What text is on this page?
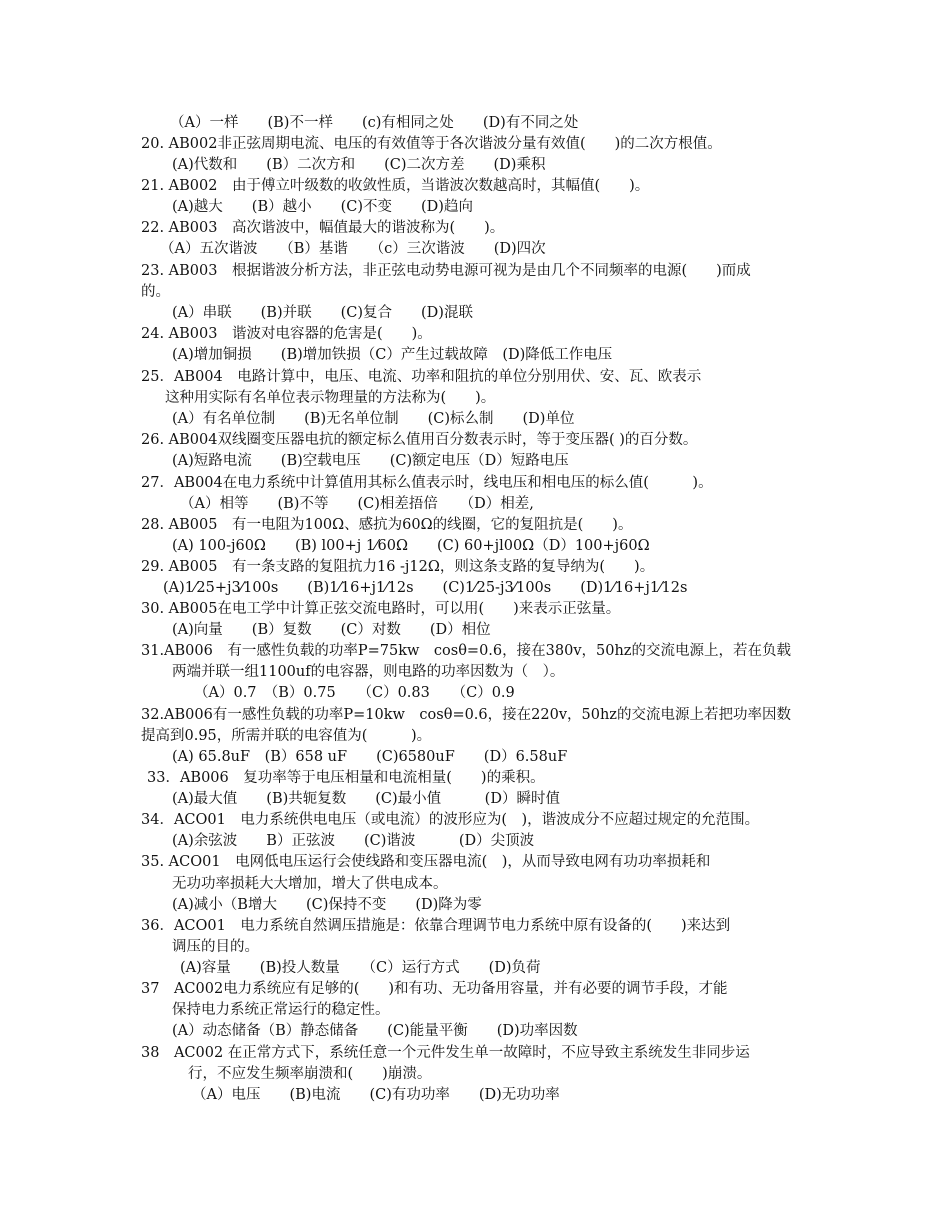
（A）一样　　(B)不一样　　(c)有相同之处　　(D)有不同之处
20. AB002非正弦周期电流、电压的有效值等于各次谐波分量有效值(　　)的二次方根值。
(A)代数和　　(B）二次方和　　(C)二次方差　　(D)乘积
21. AB002　由于傅立叶级数的收敛性质，当谐波次数越高时，其幅值(　　)。
(A)越大　　(B）越小　　(C)不变　　(D)趋向
22. AB003　高次谐波中，幅值最大的谐波称为(　　)。
（A）五次谐波　　（B）基谐　　（c）三次谐波　　(D)四次
23. AB003　根据谐波分析方法，非正弦电动势电源可视为是由几个不同频率的电源(　　)而成
的。
(A）串联　　(B)并联　　(C)复合　　(D)混联
24. AB003　谐波对电容器的危害是(　　)。
(A)增加铜损　　(B)增加铁损（C）产生过载故障　(D)降低工作电压
25．AB004　电路计算中，电压、电流、功率和阻抗的单位分别用伏、安、瓦、欧表示
这种用实际有名单位表示物理量的方法称为(　　)。
(A）有名单位制　　(B)无名单位制　　(C)标么制　　(D)单位
26. AB004双线圈变压器电抗的额定标么值用百分数表示时，等于变压器( )的百分数。
(A)短路电流　　(B)空载电压　　(C)额定电压（D）短路电压
27．AB004在电力系统中计算值用其标么值表示时，线电压和相电压的标么值(　　　)。
（A）相等　　(B)不等　　(C)相差捂倍　　（D）相差,
28. AB005　有一电阻为100Ω、感抗为60Ω的线圈，它的复阻抗是(　　)。
(A) 100-j60Ω　　(B) l00+j 1⁄60Ω　　(C) 60+jl00Ω（D）100+j60Ω
29. AB005　有一条支路的复阻抗力16 -j12Ω，则这条支路的复导纳为(　　)。
(A)1⁄25+j3⁄100s　　(B)1⁄16+j1⁄12s　　(C)1⁄25-j3⁄100s　　(D)1⁄16+j1⁄12s
30. AB005在电工学中计算正弦交流电路时，可以用(　　)来表示正弦量。
(A)向量　　(B）复数　　(C）对数　　(D）相位
31.AB006　有一感性负载的功率P=75kw　cosθ=0.6，接在380v，50hz的交流电源上，若在负载
两端并联一组1100uf的电容器，则电路的功率因数为（　）。
（A）0.7　（B）0.75　　（C）0.83　　（C）0.9
32.AB006有一感性负载的功率P=10kw　cosθ=0.6，接在220v，50hz的交流电源上若把功率因数
提高到0.95，所需并联的电容值为(　　　)。
(A) 65.8uF　(B）658 uF　　(C)6580uF　　(D）6.58uF
33．AB006　复功率等于电压相量和电流相量(　　)的乘积。
(A)最大值　　(B)共轭复数　　(C)最小值　　　(D）瞬时值
34．ACO01　电力系统供电电压（或电流）的波形应为(　)，谐波成分不应超过规定的允范围。
(A)余弦波　　B）正弦波　　(C)谐波　　　(D）尖顶波
35. ACO01　电网低电压运行会使线路和变压器电流(　)，从而导致电网有功功率损耗和
无功功率损耗大大增加，增大了供电成本。
(A)减小（B增大　　(C)保持不变　　(D)降为零
36．ACO01　电力系统自然调压措施是：依靠合理调节电力系统中原有设备的(　　)来达到
调压的目的。
(A)容量　　(B)投人数量　　（C）运行方式　　(D)负荷
37　AC002电力系统应有足够的(　　)和有功、无功备用容量，并有必要的调节手段，才能
保持电力系统正常运行的稳定性。
(A）动态储备（B）静态储备　　(C)能量平衡　　(D)功率因数
38　AC002 在正常方式下，系统任意一个元件发生单一故障时，不应导致主系统发生非同步运
行，不应发生频率崩溃和(　　)崩溃。
（A）电压　　(B)电流　　(C)有功功率　　(D)无功功率
